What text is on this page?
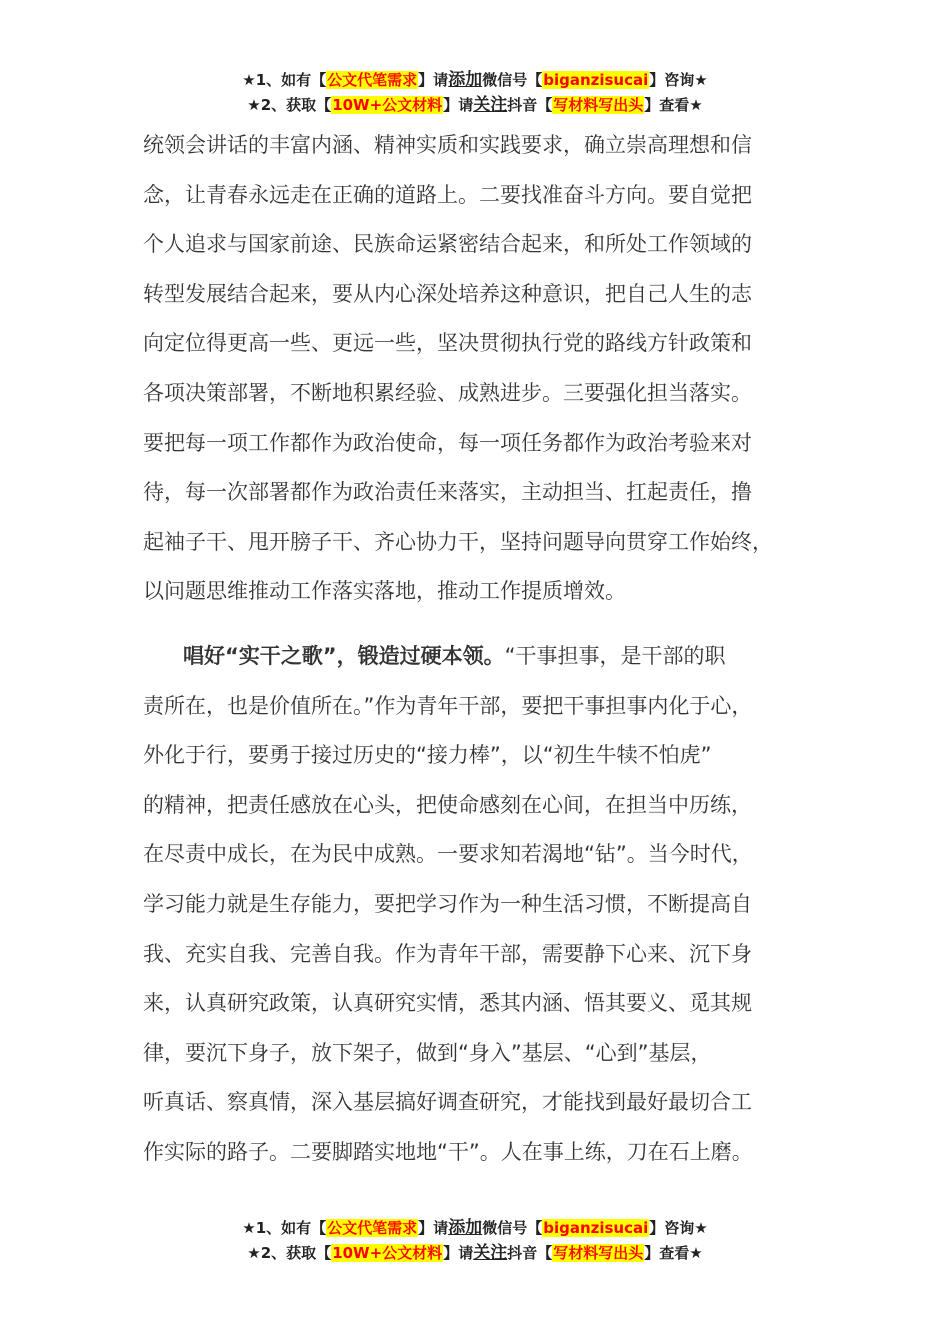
★1、如有【公文代笔需求】请添加微信号【biganzisucai】咨询★
★2、获取【10W+公文材料】请关注抖音【写材料写出头】查看★
统领会讲话的丰富内涵、精神实质和实践要求，确立崇高理想和信
念，让青春永远走在正确的道路上。二要找准奋斗方向。要自觉把
个人追求与国家前途、民族命运紧密结合起来，和所处工作领域的
转型发展结合起来，要从内心深处培养这种意识，把自己人生的志
向定位得更高一些、更远一些，坚决贯彻执行党的路线方针政策和
各项决策部署，不断地积累经验、成熟进步。三要强化担当落实。
要把每一项工作都作为政治使命，每一项任务都作为政治考验来对
待，每一次部署都作为政治责任来落实，主动担当、扛起责任，撸
起袖子干、甩开膀子干、齐心协力干，坚持问题导向贯穿工作始终，
以问题思维推动工作落实落地，推动工作提质增效。
唱好“实干之歌”，锻造过硬本领。“干事担事，是干部的职
责所在，也是价值所在。”作为青年干部，要把干事担事内化于心，
外化于行，要勇于接过历史的“接力棒”，以“初生牛犊不怕虎”
的精神，把责任感放在心头，把使命感刻在心间，在担当中历练，
在尽责中成长，在为民中成熟。一要求知若渴地“钻”。当今时代，
学习能力就是生存能力，要把学习作为一种生活习惯，不断提高自
我、充实自我、完善自我。作为青年干部，需要静下心来、沉下身
来，认真研究政策，认真研究实情，悉其内涵、悟其要义、觅其规
律，要沉下身子，放下架子，做到“身入”基层、“心到”基层，
听真话、察真情，深入基层搞好调查研究，才能找到最好最切合工
作实际的路子。二要脚踏实地地“干”。人在事上练，刀在石上磨。
★1、如有【公文代笔需求】请添加微信号【biganzisucai】咨询★
★2、获取【10W+公文材料】请关注抖音【写材料写出头】查看★
